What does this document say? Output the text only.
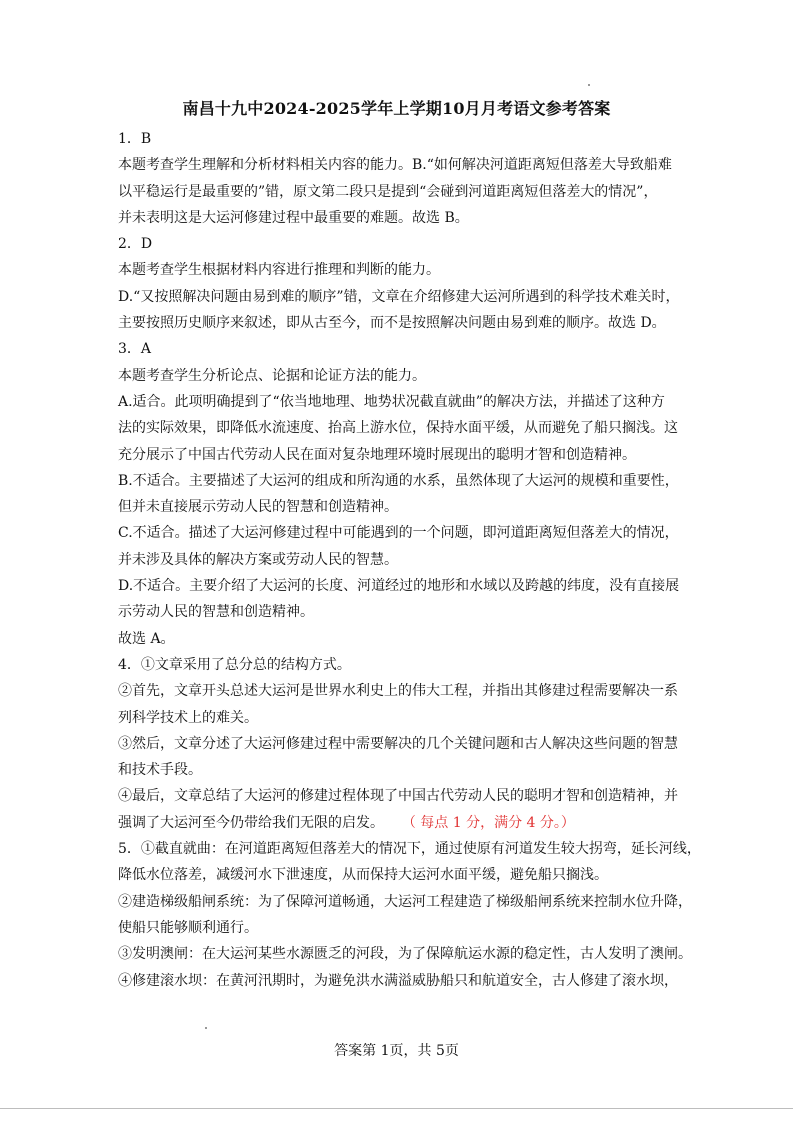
南昌十九中2024-2025学年上学期10月月考语文参考答案
1．B
本题考查学生理解和分析材料相关内容的能力。B.“如何解决河道距离短但落差大导致船难
以平稳运行是最重要的”错，原文第二段只是提到“会碰到河道距离短但落差大的情况”，
并未表明这是大运河修建过程中最重要的难题。故选 B。
2．D
本题考查学生根据材料内容进行推理和判断的能力。
D.“又按照解决问题由易到难的顺序”错，文章在介绍修建大运河所遇到的科学技术难关时，
主要按照历史顺序来叙述，即从古至今，而不是按照解决问题由易到难的顺序。故选 D。
3．A
本题考查学生分析论点、论据和论证方法的能力。
A.适合。此项明确提到了“依当地地理、地势状况截直就曲”的解决方法，并描述了这种方
法的实际效果，即降低水流速度、抬高上游水位，保持水面平缓，从而避免了船只搁浅。这
充分展示了中国古代劳动人民在面对复杂地理环境时展现出的聪明才智和创造精神。
B.不适合。主要描述了大运河的组成和所沟通的水系，虽然体现了大运河的规模和重要性，
但并未直接展示劳动人民的智慧和创造精神。
C.不适合。描述了大运河修建过程中可能遇到的一个问题，即河道距离短但落差大的情况，
并未涉及具体的解决方案或劳动人民的智慧。
D.不适合。主要介绍了大运河的长度、河道经过的地形和水域以及跨越的纬度，没有直接展
示劳动人民的智慧和创造精神。
故选 A。
4．①文章采用了总分总的结构方式。
②首先，文章开头总述大运河是世界水利史上的伟大工程，并指出其修建过程需要解决一系
列科学技术上的难关。
③然后，文章分述了大运河修建过程中需要解决的几个关键问题和古人解决这些问题的智慧
和技术手段。
④最后，文章总结了大运河的修建过程体现了中国古代劳动人民的聪明才智和创造精神，并
强调了大运河至今仍带给我们无限的启发。 （ 每点 1 分，满分 4 分。）
5．①截直就曲：在河道距离短但落差大的情况下，通过使原有河道发生较大拐弯，延长河线，
降低水位落差，减缓河水下泄速度，从而保持大运河水面平缓，避免船只搁浅。
②建造梯级船闸系统：为了保障河道畅通，大运河工程建造了梯级船闸系统来控制水位升降，
使船只能够顺利通行。
③发明澳闸：在大运河某些水源匮乏的河段，为了保障航运水源的稳定性，古人发明了澳闸。
④修建滚水坝：在黄河汛期时，为避免洪水满溢威胁船只和航道安全，古人修建了滚水坝，
答案第 1页，共 5页
